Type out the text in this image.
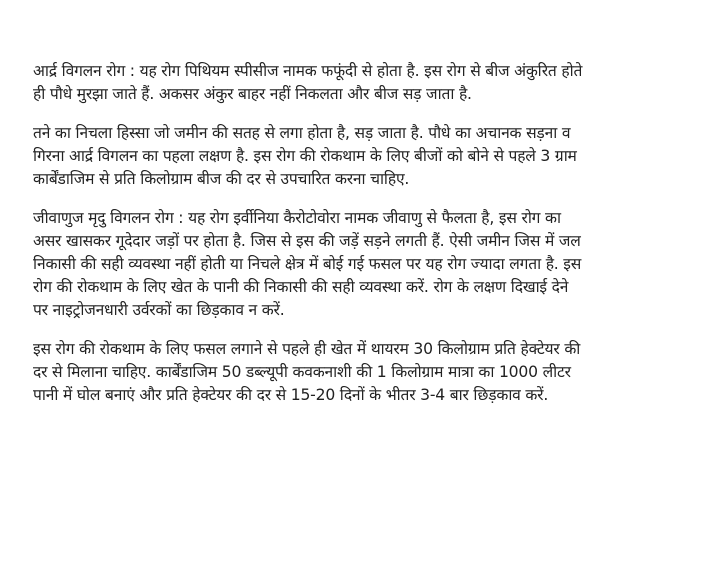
आर्द्र विगलन रोग : यह रोग पिथियम स्पीसीज नामक फफूंदी से होता है. इस रोग से बीज अंकुरित होते
ही पौधे मुरझा जाते हैं. अकसर अंकुर बाहर नहीं निकलता और बीज सड़ जाता है.

तने का निचला हिस्सा जो जमीन की सतह से लगा होता है, सड़ जाता है. पौधे का अचानक सड़ना व
गिरना आर्द्र विगलन का पहला लक्षण है. इस रोग की रोकथाम के लिए बीजों को बोने से पहले 3 ग्राम
कार्बेंडाजिम से प्रति किलोग्राम बीज की दर से उपचारित करना चाहिए.

जीवाणुज मृदु विगलन रोग : यह रोग इर्वीनिया कैरोटोवोरा नामक जीवाणु से फैलता है, इस रोग का
असर खासकर गूदेदार जड़ों पर होता है. जिस से इस की जड़ें सड़ने लगती हैं. ऐसी जमीन जिस में जल
निकासी की सही व्यवस्था नहीं होती या निचले क्षेत्र में बोई गई फसल पर यह रोग ज्यादा लगता है. इस
रोग की रोकथाम के लिए खेत के पानी की निकासी की सही व्यवस्था करें. रोग के लक्षण दिखाई देने
पर नाइट्रोजनधारी उर्वरकों का छिड़काव न करें.

इस रोग की रोकथाम के लिए फसल लगाने से पहले ही खेत में थायरम 30 किलोग्राम प्रति हेक्टेयर की
दर से मिलाना चाहिए. कार्बेंडाजिम 50 डब्ल्यूपी कवकनाशी की 1 किलोग्राम मात्रा का 1000 लीटर
पानी में घोल बनाएं और प्रति हेक्टेयर की दर से 15-20 दिनों के भीतर 3-4 बार छिड़काव करें.
